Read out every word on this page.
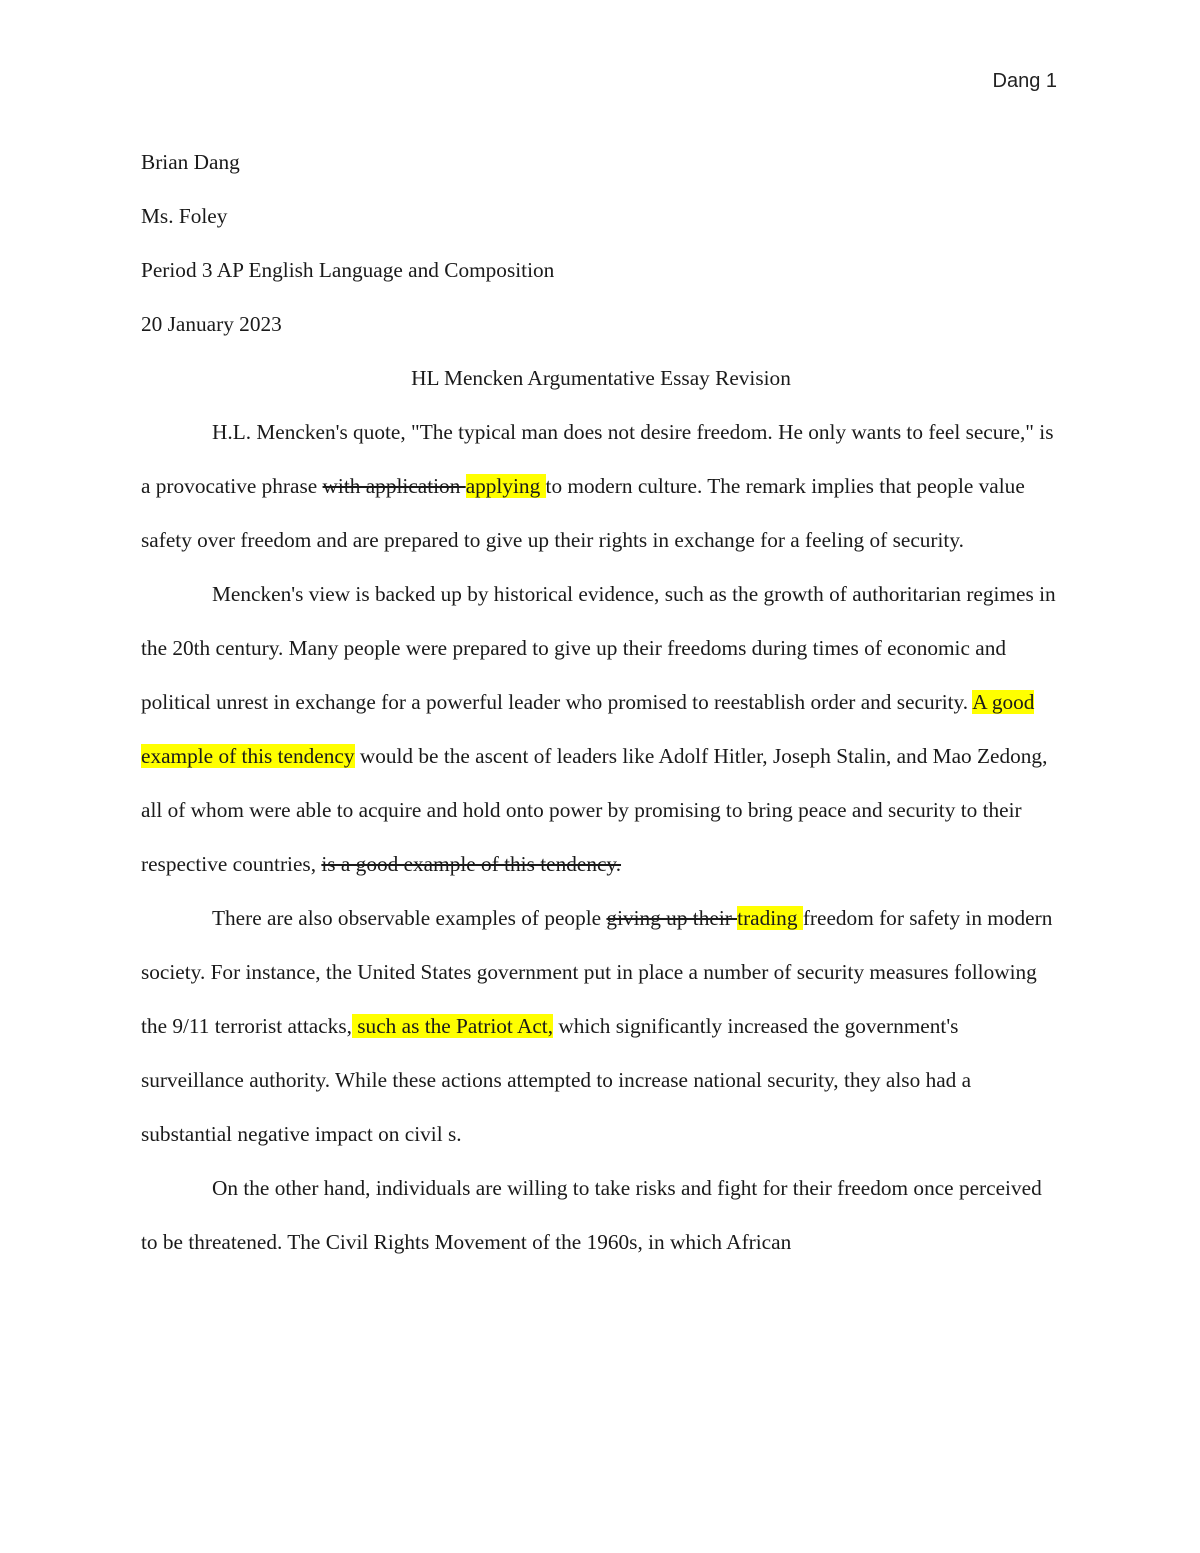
Dang 1

Brian Dang

Ms. Foley

Period 3 AP English Language and Composition

20 January 2023

HL Mencken Argumentative Essay Revision

H.L. Mencken's quote, "The typical man does not desire freedom. He only wants to feel secure," is a provocative phrase with application applying to modern culture. The remark implies that people value safety over freedom and are prepared to give up their rights in exchange for a feeling of security.

Mencken's view is backed up by historical evidence, such as the growth of authoritarian regimes in the 20th century. Many people were prepared to give up their freedoms during times of economic and political unrest in exchange for a powerful leader who promised to reestablish order and security. A good example of this tendency would be the ascent of leaders like Adolf Hitler, Joseph Stalin, and Mao Zedong, all of whom were able to acquire and hold onto power by promising to bring peace and security to their respective countries, is a good example of this tendency.

There are also observable examples of people giving up their trading freedom for safety in modern society. For instance, the United States government put in place a number of security measures following the 9/11 terrorist attacks, such as the Patriot Act, which significantly increased the government's surveillance authority. While these actions attempted to increase national security, they also had a substantial negative impact on civil s.

On the other hand, individuals are willing to take risks and fight for their freedom once perceived to be threatened. The Civil Rights Movement of the 1960s, in which African
